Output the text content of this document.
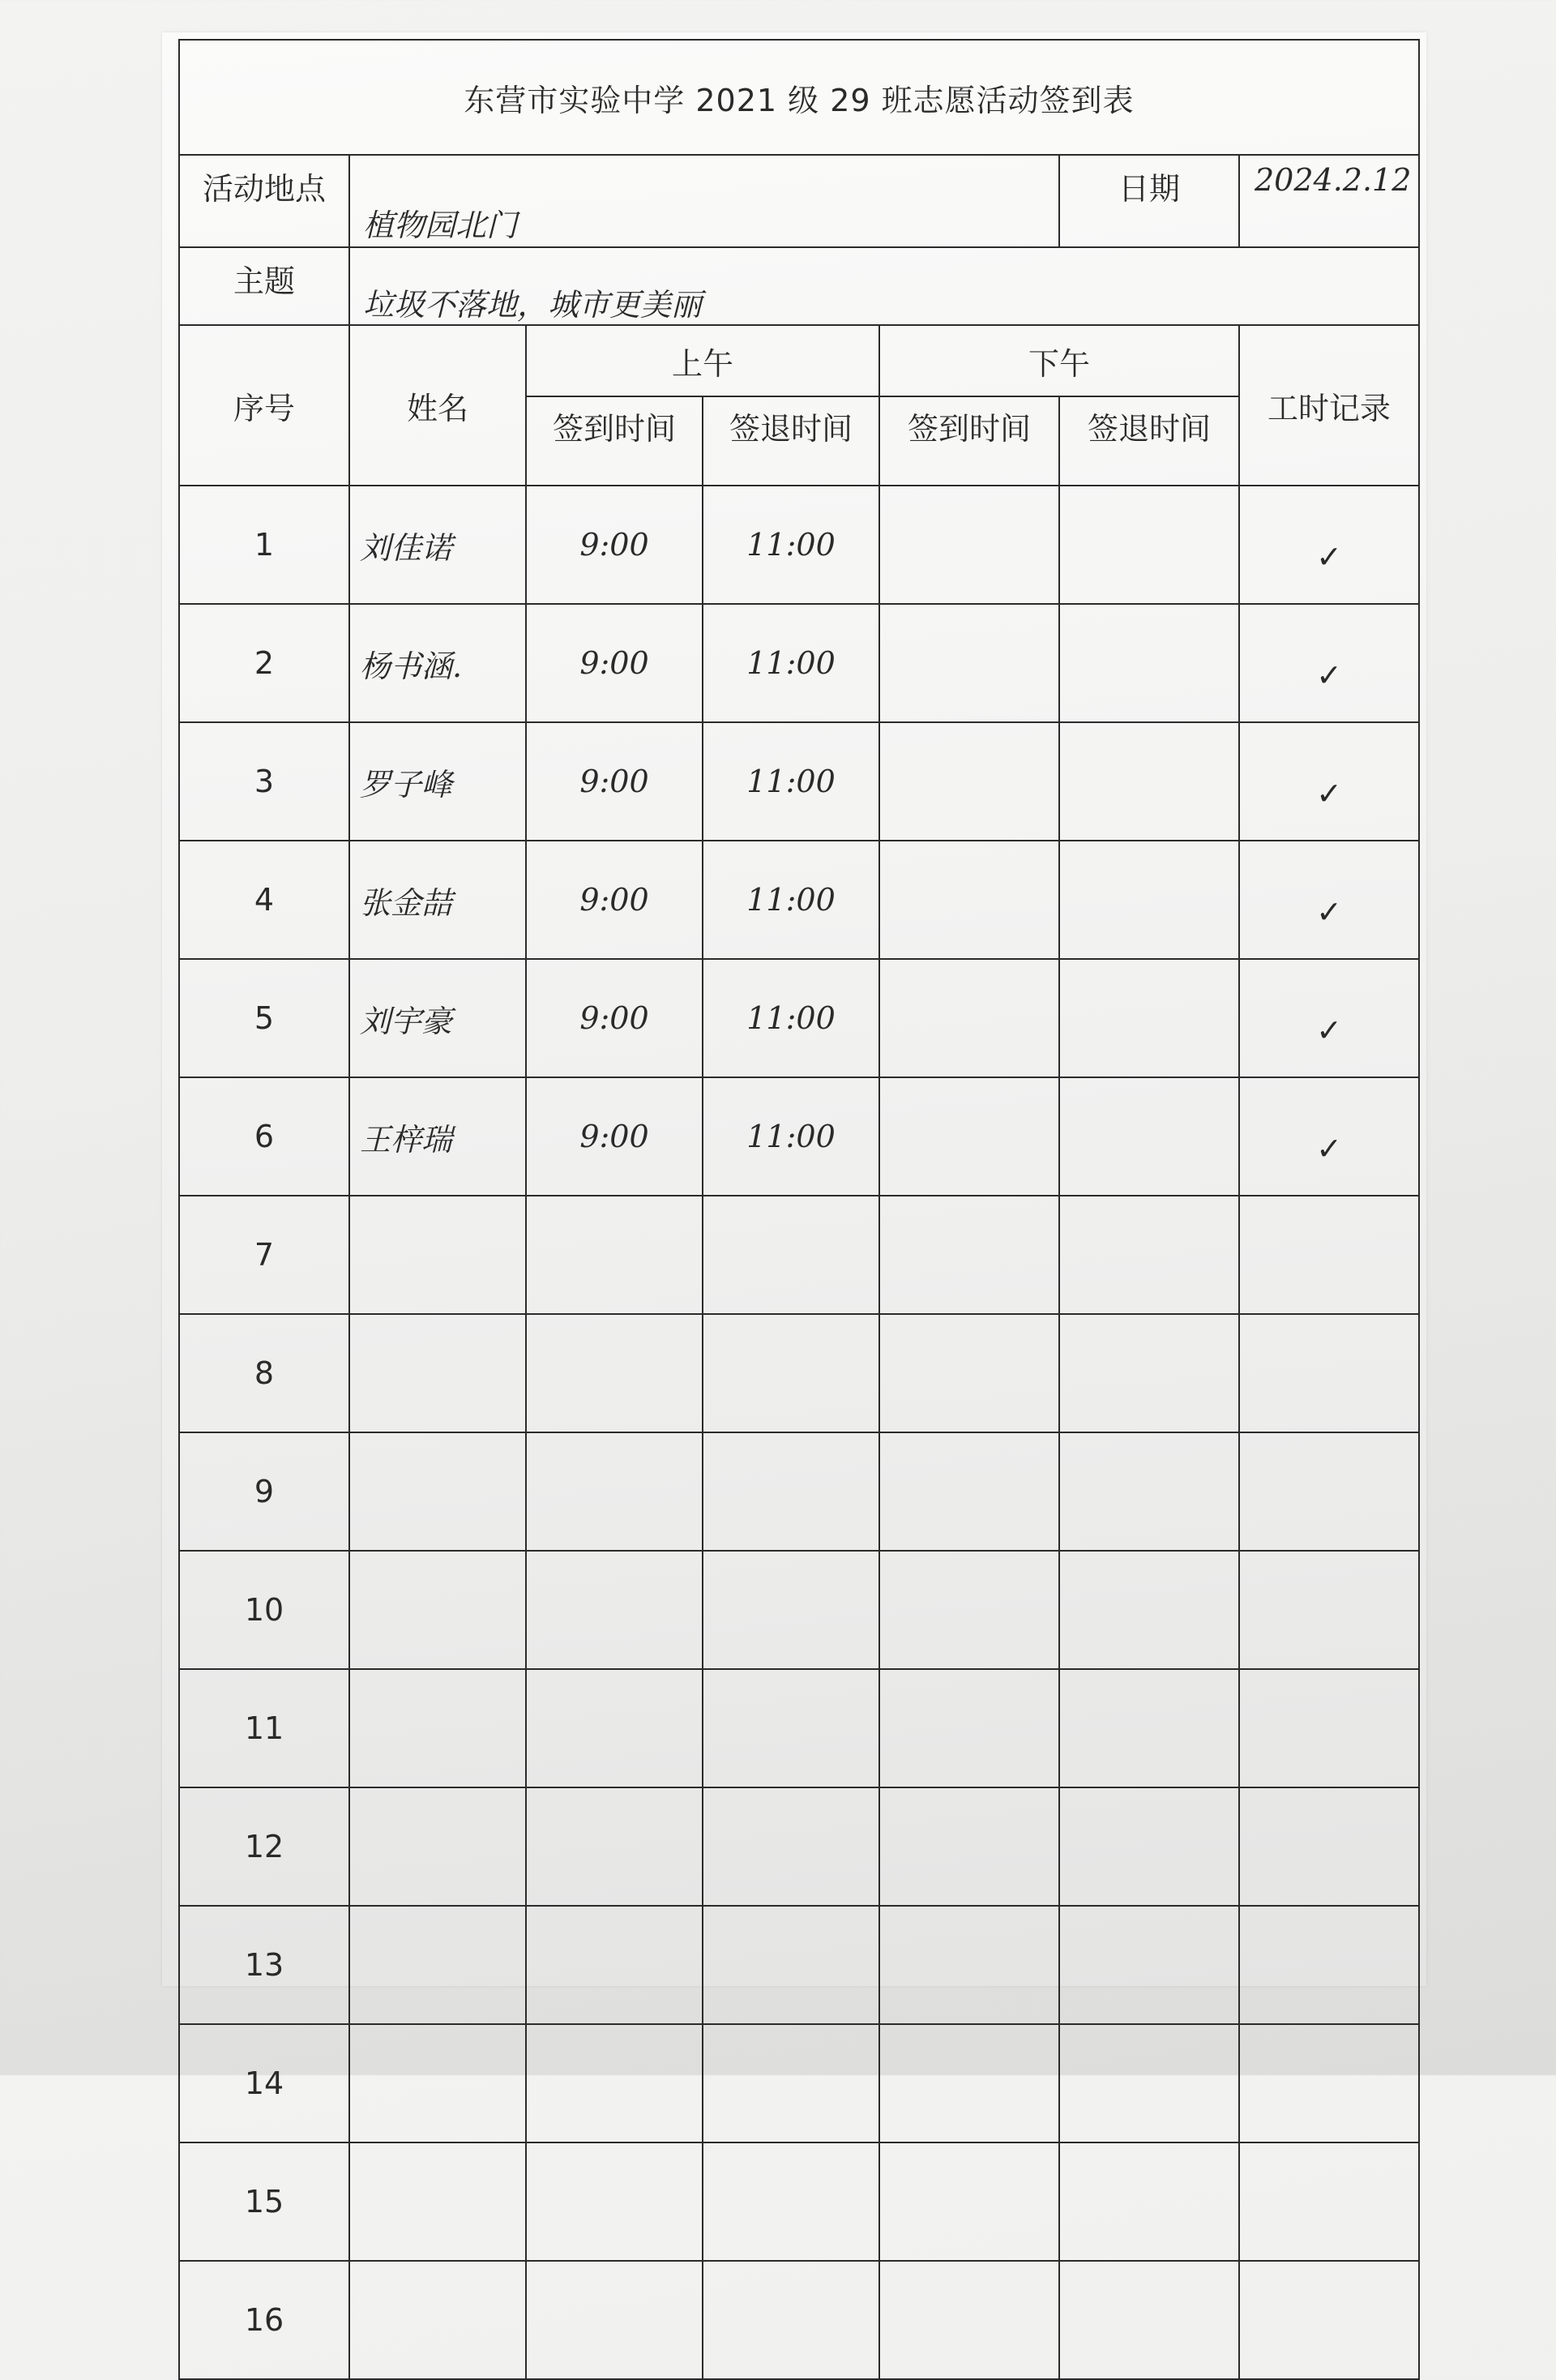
东营市实验中学 2021 级 29 班志愿活动签到表						
活动地点	植物园北门				日期	2024.2.12
主题	垃圾不落地，城市更美丽					
序号	姓名	上午		下午		工时记录
		签到时间	签退时间	签到时间	签退时间	
1	刘佳诺	9:00	11:00			✓
2	杨书涵.	9:00	11:00			✓
3	罗子峰	9:00	11:00			✓
4	张金喆	9:00	11:00			✓
5	刘宇豪	9:00	11:00			✓
6	王梓瑞	9:00	11:00			✓
7						
8						
9						
10						
11						
12						
13						
14						
15						
16						
